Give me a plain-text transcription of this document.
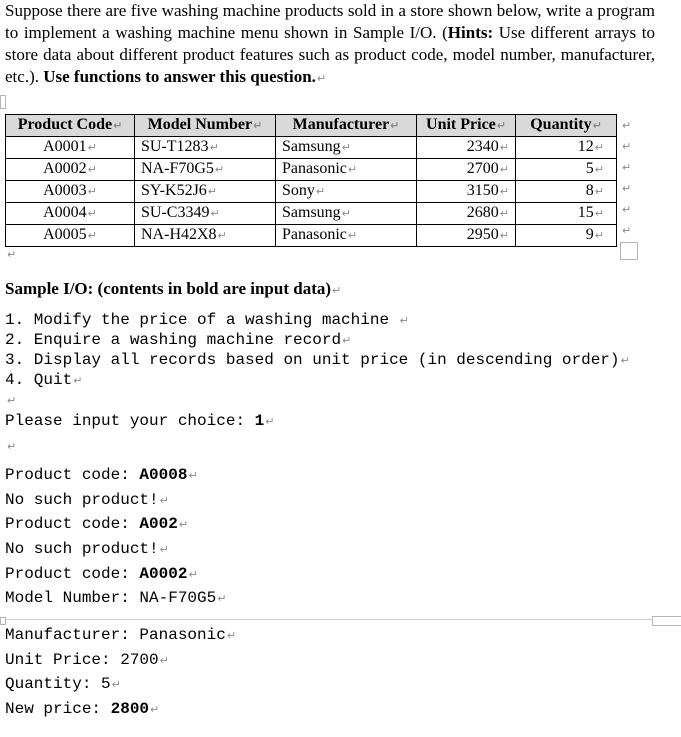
Suppose there are five washing machine products sold in a store shown below, write a program to implement a washing machine menu shown in Sample I/O. (Hints: Use different arrays to store data about different product features such as product code, model number, manufacturer, etc.). Use functions to answer this question.↵
Product Code↵	Model Number↵	Manufacturer↵	Unit Price↵	Quantity↵
A0001↵	SU-T1283↵	Samsung↵	2340↵	12↵
A0002↵	NA-F70G5↵	Panasonic↵	2700↵	5↵
A0003↵	SY-K52J6↵	Sony↵	3150↵	8↵
A0004↵	SU-C3349↵	Samsung↵	2680↵	15↵
A0005↵	NA-H42X8↵	Panasonic↵	2950↵	9↵
↵
↵
↵
↵
↵
↵
↵
Sample I/O: (contents in bold are input data)↵
1. Modify the price of a washing machine ↵
2. Enquire a washing machine record↵
3. Display all records based on unit price (in descending order)↵
4. Quit↵
↵
Please input your choice: 1↵
↵
Product code: A0008↵
No such product!↵
Product code: A002↵
No such product!↵
Product code: A0002↵
Model Number: NA-F70G5↵
Manufacturer: Panasonic↵
Unit Price: 2700↵
Quantity: 5↵
New price: 2800↵
